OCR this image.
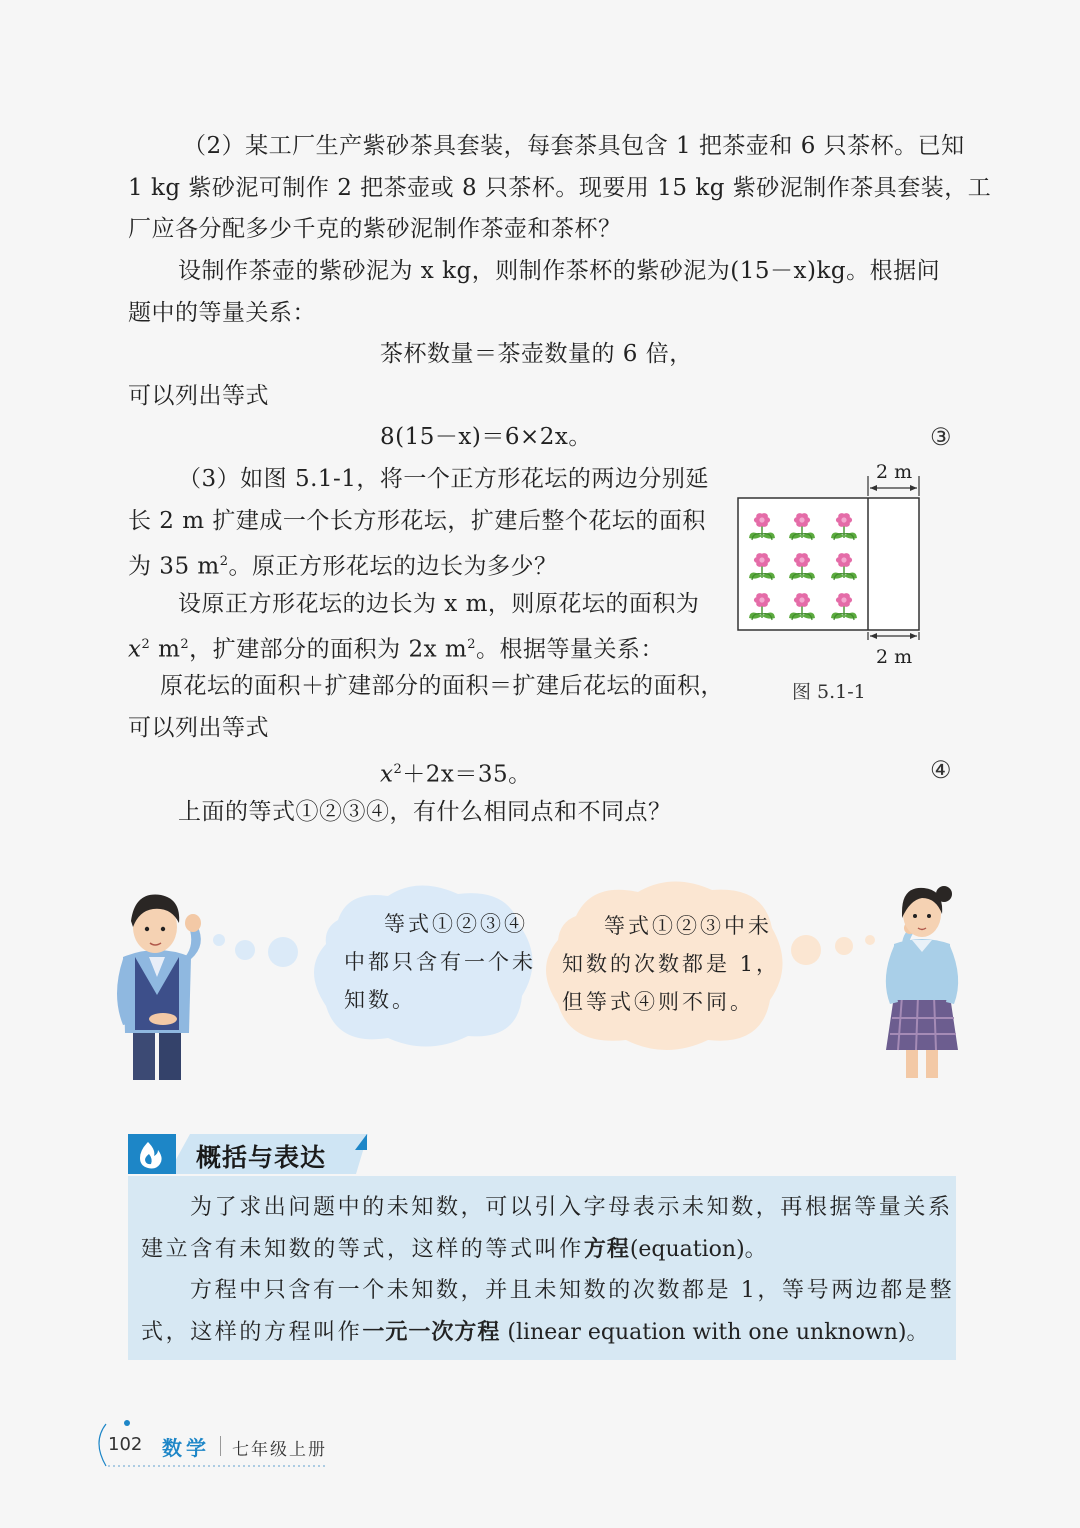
（2）某工厂生产紫砂茶具套装，每套茶具包含 1 把茶壶和 6 只茶杯。已知
1 kg 紫砂泥可制作 2 把茶壶或 8 只茶杯。现要用 15 kg 紫砂泥制作茶具套装，工
厂应各分配多少千克的紫砂泥制作茶壶和茶杯？
设制作茶壶的紫砂泥为 x kg，则制作茶杯的紫砂泥为(15－x)kg。根据问
题中的等量关系：
茶杯数量＝茶壶数量的 6 倍，
可以列出等式
8(15－x)＝6×2x。	③
（3）如图 5.1-1，将一个正方形花坛的两边分别延
长 2 m 扩建成一个长方形花坛，扩建后整个花坛的面积
为 35 $m^2$。原正方形花坛的边长为多少？
设原正方形花坛的边长为 x m，则原花坛的面积为
$x^2$ $m^2$，扩建部分的面积为 2x $m^2$。根据等量关系：
原花坛的面积＋扩建部分的面积＝扩建后花坛的面积，
可以列出等式
$x^2+2x=35$。	④
上面的等式①②③④，有什么相同点和不同点？
2 m
2 m
图 5.1-1
等式①②③④
中都只含有一个未
知数。
等式①②③中未
知数的次数都是 1，
但等式④则不同。
概括与表达
为了求出问题中的未知数，可以引入字母表示未知数，再根据等量关系
建立含有未知数的等式，这样的等式叫作方程(equation)。
方程中只含有一个未知数，并且未知数的次数都是 1，等号两边都是整
式，这样的方程叫作一元一次方程 (linear equation with one unknown)。
102 数学 七年级上册
